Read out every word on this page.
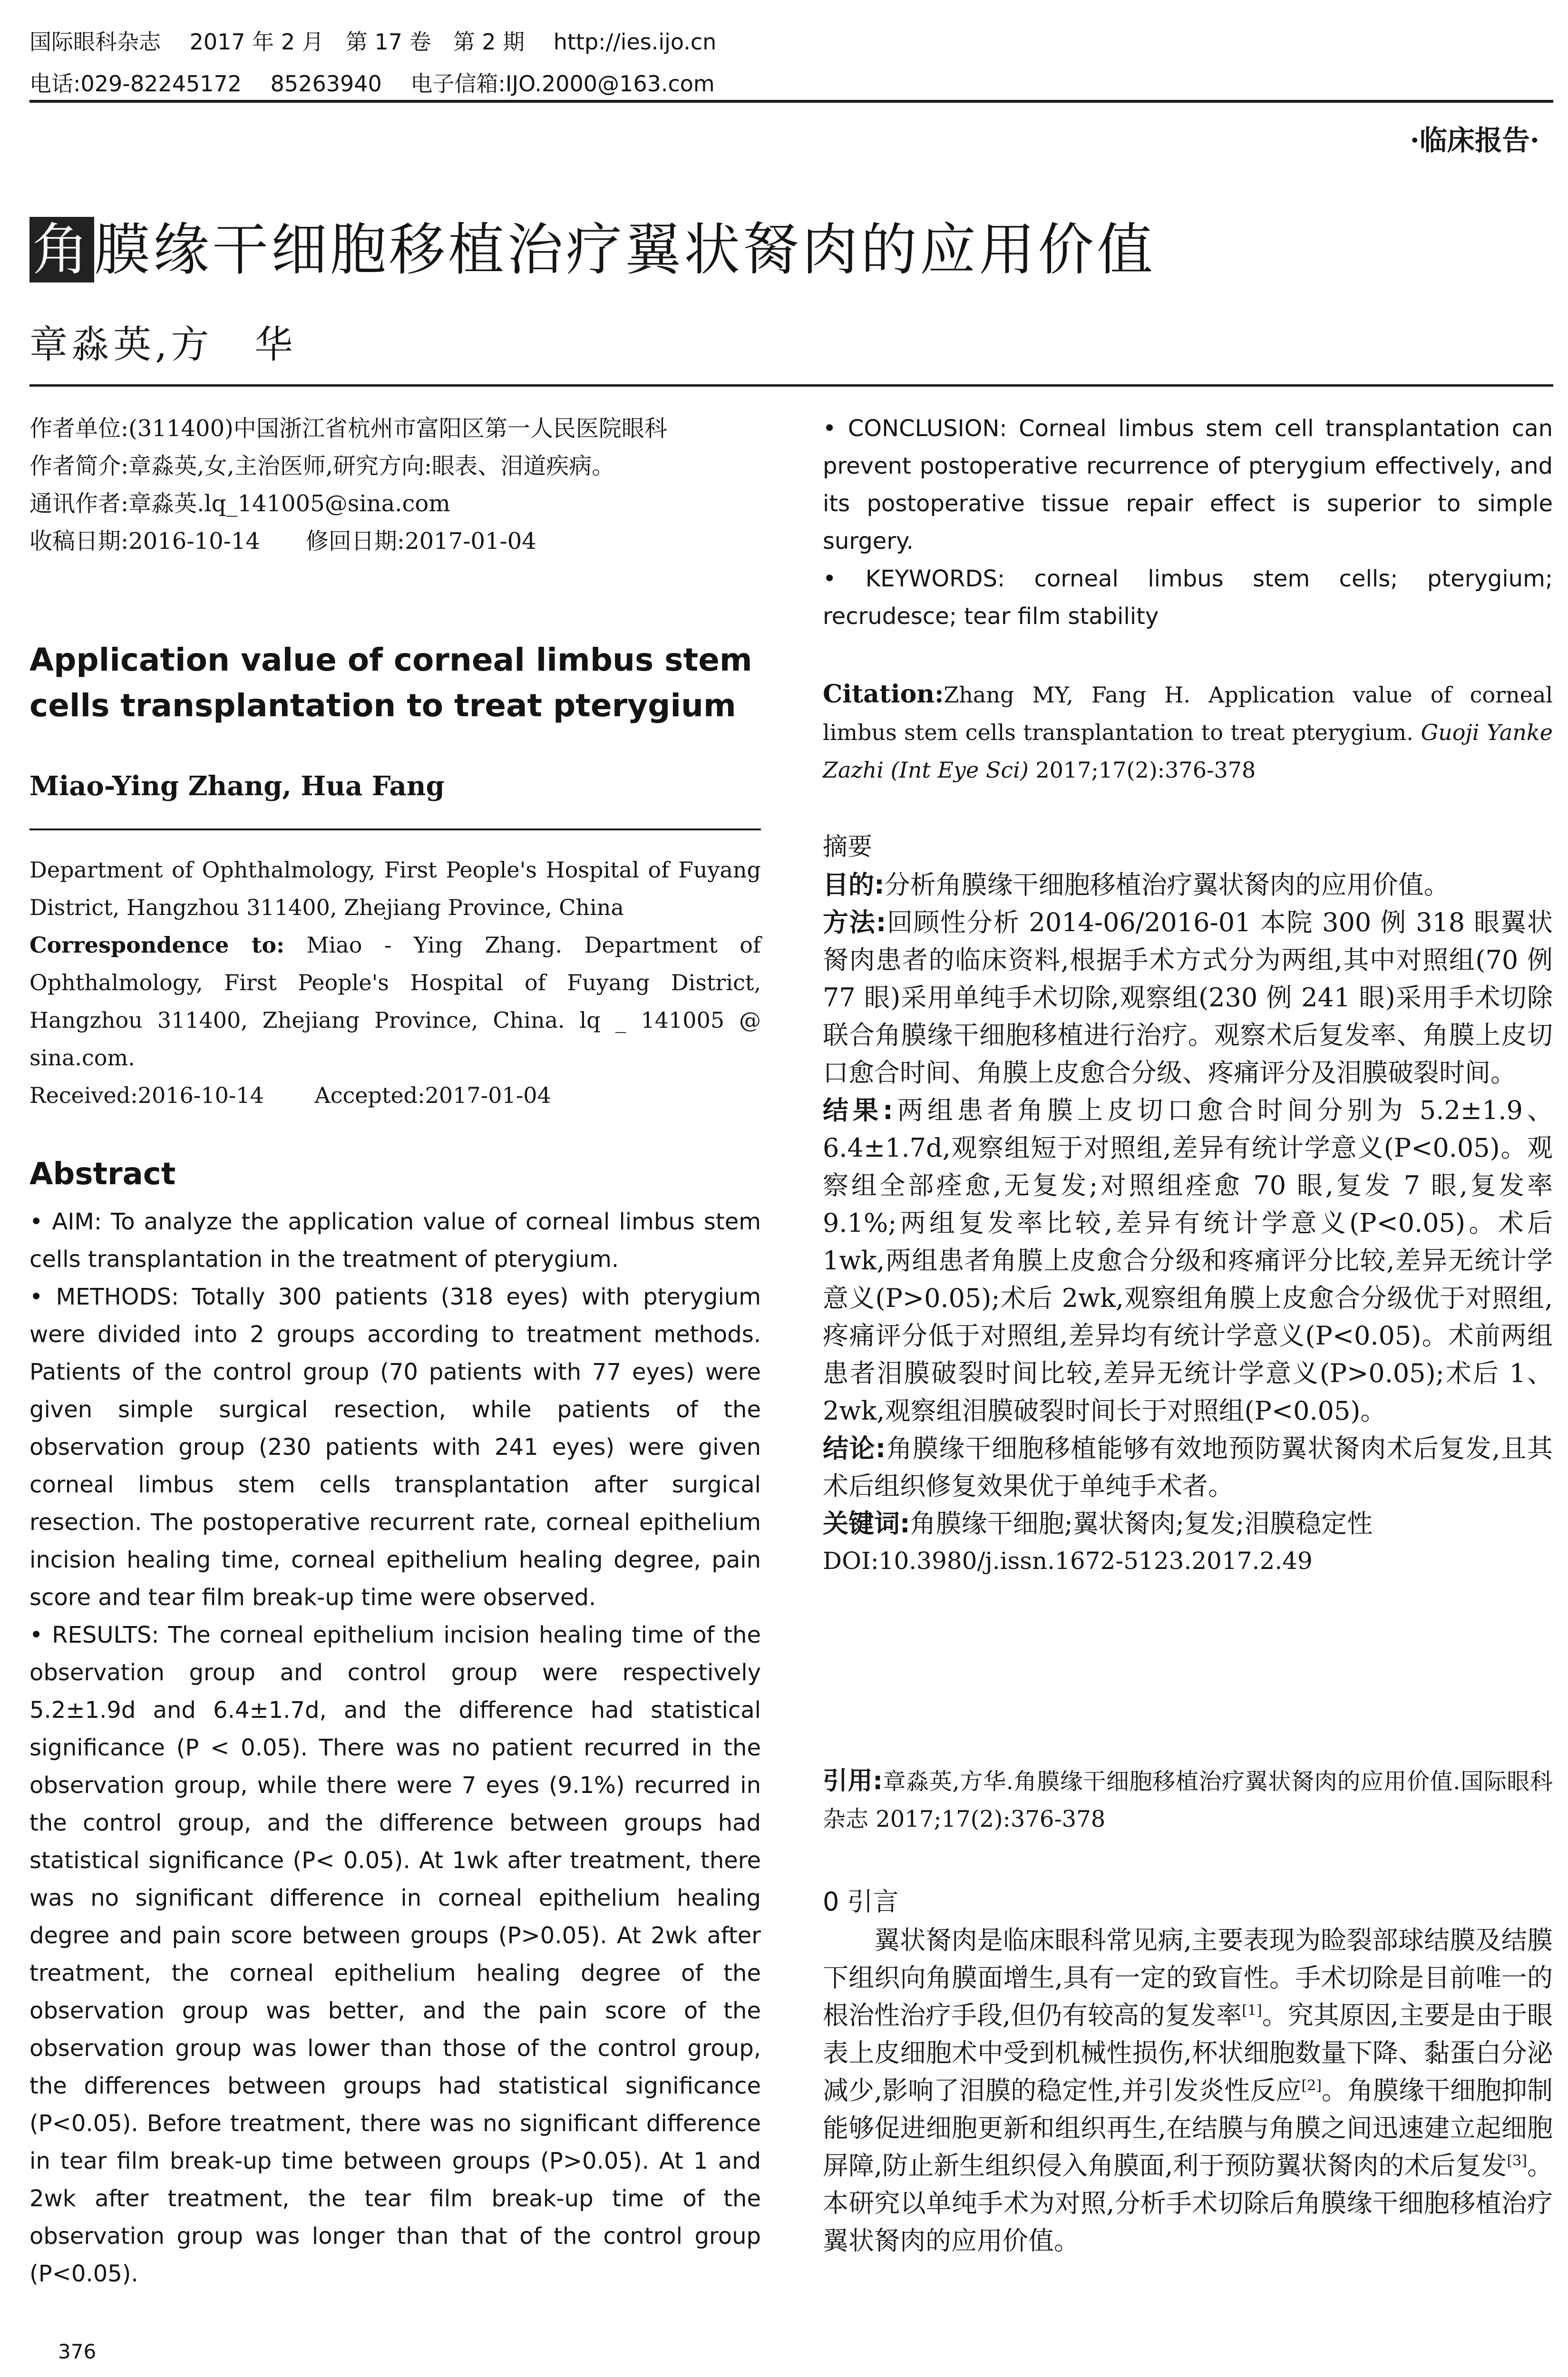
国际眼科杂志　 2017 年 2 月　第 17 卷　第 2 期　 http://ies.ijo.cn
电话:029-82245172　 85263940　 电子信箱:IJO.2000@163.com
·临床报告·
角膜缘干细胞移植治疗翼状胬肉的应用价值
章淼英,方　华

作者单位:(311400)中国浙江省杭州市富阳区第一人民医院眼科

作者简介:章淼英,女,主治医师,研究方向:眼表、泪道疾病。

通讯作者:章淼英.lq_141005@sina.com

收稿日期:2016-10-14　　修回日期:2017-01-04

Application value of corneal limbus stem cells transplantation to treat pterygium
Miao-Ying Zhang, Hua Fang

Department of Ophthalmology, First People's Hospital of Fuyang District, Hangzhou 311400, Zhejiang Province, China

Correspondence to: Miao - Ying Zhang. Department of Ophthalmology, First People's Hospital of Fuyang District, Hangzhou 311400, Zhejiang Province, China. lq _ 141005 @ sina.com.

Received:2016-10-14　　 Accepted:2017-01-04

Abstract

• AIM: To analyze the application value of corneal limbus stem cells transplantation in the treatment of pterygium.

• METHODS: Totally 300 patients (318 eyes) with pterygium were divided into 2 groups according to treatment methods. Patients of the control group (70 patients with 77 eyes) were given simple surgical resection, while patients of the observation group (230 patients with 241 eyes) were given corneal limbus stem cells transplantation after surgical resection. The postoperative recurrent rate, corneal epithelium incision healing time, corneal epithelium healing degree, pain score and tear film break-up time were observed.

• RESULTS: The corneal epithelium incision healing time of the observation group and control group were respectively 5.2±1.9d and 6.4±1.7d, and the difference had statistical significance (P < 0.05). There was no patient recurred in the observation group, while there were 7 eyes (9.1%) recurred in the control group, and the difference between groups had statistical significance (P< 0.05). At 1wk after treatment, there was no significant difference in corneal epithelium healing degree and pain score between groups (P>0.05). At 2wk after treatment, the corneal epithelium healing degree of the observation group was better, and the pain score of the observation group was lower than those of the control group, the differences between groups had statistical significance (P<0.05). Before treatment, there was no significant difference in tear film break-up time between groups (P>0.05). At 1 and 2wk after treatment, the tear film break-up time of the observation group was longer than that of the control group (P<0.05).

376

• CONCLUSION: Corneal limbus stem cell transplantation can prevent postoperative recurrence of pterygium effectively, and its postoperative tissue repair effect is superior to simple surgery.

• KEYWORDS: corneal limbus stem cells; pterygium; recrudesce; tear film stability

Citation:Zhang MY, Fang H. Application value of corneal limbus stem cells transplantation to treat pterygium. Guoji Yanke Zazhi (Int Eye Sci) 2017;17(2):376-378

摘要

目的:分析角膜缘干细胞移植治疗翼状胬肉的应用价值。

方法:回顾性分析 2014-06/2016-01 本院 300 例 318 眼翼状胬肉患者的临床资料,根据手术方式分为两组,其中对照组(70 例 77 眼)采用单纯手术切除,观察组(230 例 241 眼)采用手术切除联合角膜缘干细胞移植进行治疗。观察术后复发率、角膜上皮切口愈合时间、角膜上皮愈合分级、疼痛评分及泪膜破裂时间。

结果:两组患者角膜上皮切口愈合时间分别为 5.2±1.9、6.4±1.7d,观察组短于对照组,差异有统计学意义(P<0.05)。观察组全部痊愈,无复发;对照组痊愈 70 眼,复发 7 眼,复发率 9.1%;两组复发率比较,差异有统计学意义(P<0.05)。术后 1wk,两组患者角膜上皮愈合分级和疼痛评分比较,差异无统计学意义(P>0.05);术后 2wk,观察组角膜上皮愈合分级优于对照组,疼痛评分低于对照组,差异均有统计学意义(P<0.05)。术前两组患者泪膜破裂时间比较,差异无统计学意义(P>0.05);术后 1、2wk,观察组泪膜破裂时间长于对照组(P<0.05)。

结论:角膜缘干细胞移植能够有效地预防翼状胬肉术后复发,且其术后组织修复效果优于单纯手术者。

关键词:角膜缘干细胞;翼状胬肉;复发;泪膜稳定性

DOI:10.3980/j.issn.1672-5123.2017.2.49

引用:章淼英,方华.角膜缘干细胞移植治疗翼状胬肉的应用价值.国际眼科杂志 2017;17(2):376-378
0 引言
翼状胬肉是临床眼科常见病,主要表现为睑裂部球结膜及结膜下组织向角膜面增生,具有一定的致盲性。手术切除是目前唯一的根治性治疗手段,但仍有较高的复发率[1]。究其原因,主要是由于眼表上皮细胞术中受到机械性损伤,杯状细胞数量下降、黏蛋白分泌减少,影响了泪膜的稳定性,并引发炎性反应[2]。角膜缘干细胞抑制能够促进细胞更新和组织再生,在结膜与角膜之间迅速建立起细胞屏障,防止新生组织侵入角膜面,利于预防翼状胬肉的术后复发[3]。本研究以单纯手术为对照,分析手术切除后角膜缘干细胞移植治疗翼状胬肉的应用价值。
